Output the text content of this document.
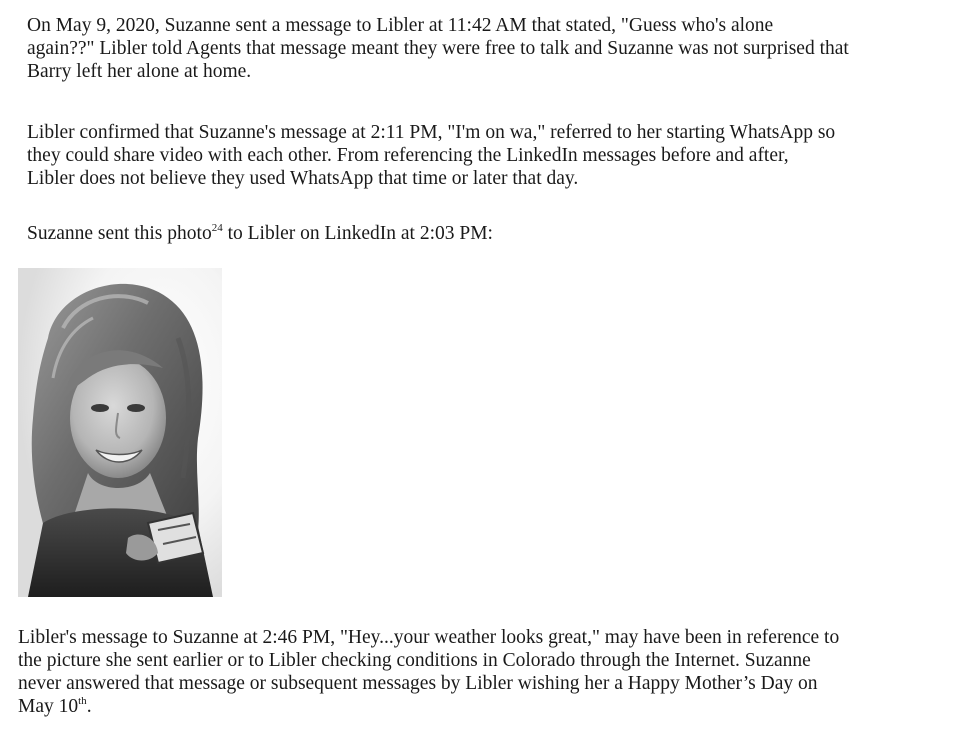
On May 9, 2020, Suzanne sent a message to Libler at 11:42 AM that stated, "Guess who's alone
again??" Libler told Agents that message meant they were free to talk and Suzanne was not surprised that
Barry left her alone at home.

Libler confirmed that Suzanne's message at 2:11 PM, "I'm on wa," referred to her starting WhatsApp so
they could share video with each other. From referencing the LinkedIn messages before and after,
Libler does not believe they used WhatsApp that time or later that day.

Suzanne sent this photo$^{24}$ to Libler on LinkedIn at 2:03 PM:

Libler's message to Suzanne at 2:46 PM, "Hey...your weather looks great," may have been in reference to
the picture she sent earlier or to Libler checking conditions in Colorado through the Internet. Suzanne
never answered that message or subsequent messages by Libler wishing her a Happy Mother’s Day on
May 10th.
